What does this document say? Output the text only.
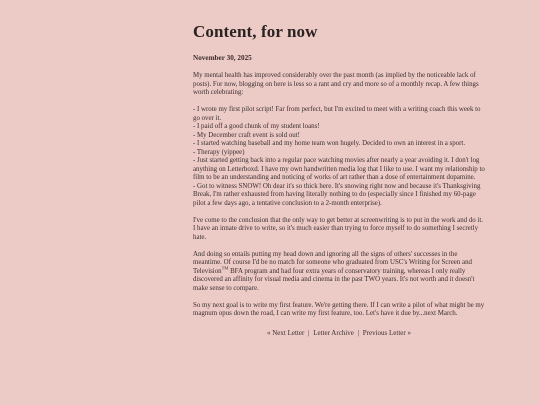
Content, for now
November 30, 2025

My mental health has improved considerably over the past month (as implied by the noticeable lack of posts). For now, blogging on here is less so a rant and cry and more so of a monthly recap. A few things worth celebrating:

- I wrote my first pilot script! Far from perfect, but I'm excited to meet with a writing coach this week to go over it.
- I paid off a good chunk of my student loans!
- My December craft event is sold out!
- I started watching baseball and my home team won hugely. Decided to own an interest in a sport.
- Therapy (yippee)
- Just started getting back into a regular pace watching movies after nearly a year avoiding it. I don't log anything on Letterboxd. I have my own handwritten media log that I like to use. I want my relationship to film to be an understanding and noticing of works of art rather than a dose of entertainment dopamine.
- Got to witness SNOW! Oh dear it's so thick here. It's snowing right now and because it's Thanksgiving Break, I'm rather exhausted from having literally nothing to do (especially since I finished my 60-page pilot a few days ago, a tentative conclusion to a 2-month enterprise).

I've come to the conclusion that the only way to get better at screenwriting is to put in the work and do it. I have an innate drive to write, so it's much easier than trying to force myself to do something I secretly hate.

And doing so entails putting my head down and ignoring all the signs of others' successes in the meantime. Of course I'd be no match for someone who graduated from USC's Writing for Screen and Television™ BFA program and had four extra years of conservatory training, whereas I only really discovered an affinity for visual media and cinema in the past TWO years. It's not worth and it doesn't make sense to compare.

So my next goal is to write my first feature. We're getting there. If I can write a pilot of what might be my magnum opus down the road, I can write my first feature, too. Let's have it due by...next March.

« Next Letter | Letter Archive | Previous Letter »
